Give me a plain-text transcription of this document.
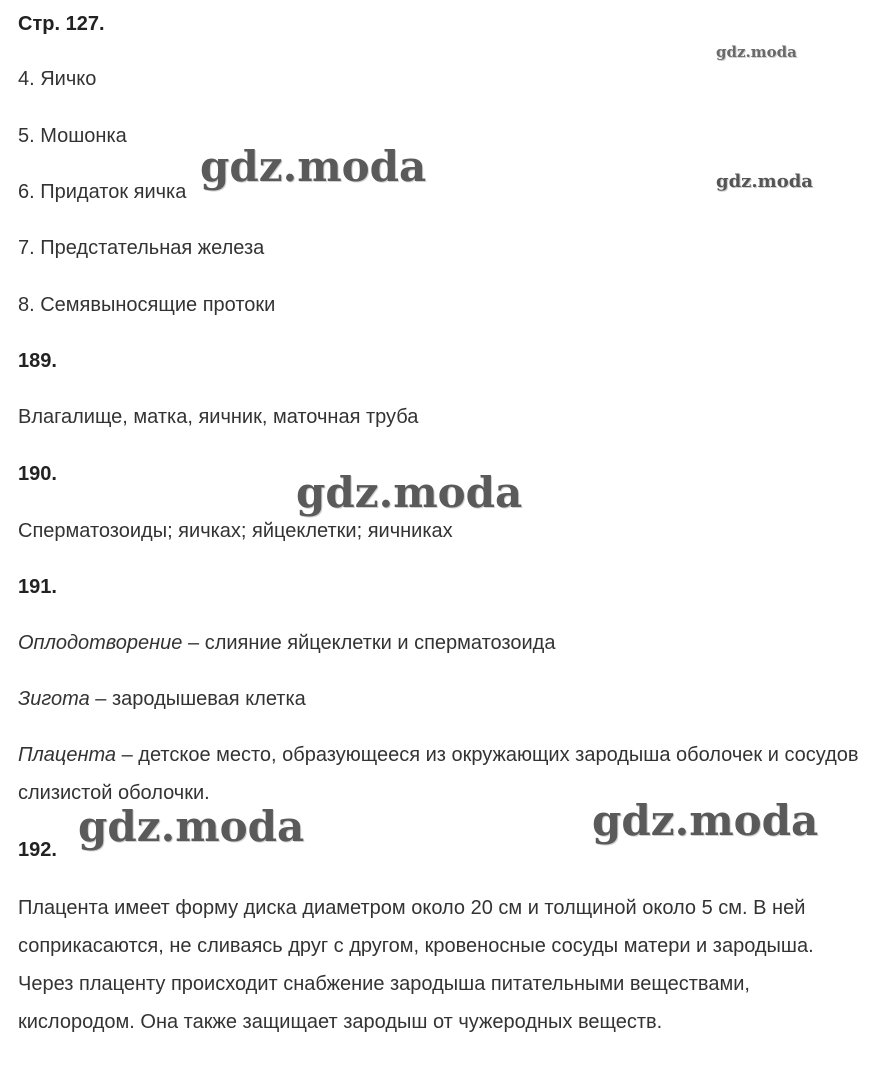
Стр. 127.
4. Яичко
5. Мошонка
6. Придаток яичка
7. Предстательная железа
8. Семявыносящие протоки
189.
Влагалище, матка, яичник, маточная труба
190.
Сперматозоиды; яичках; яйцеклетки; яичниках
191.
Оплодотворение – слияние яйцеклетки и сперматозоида
Зигота – зародышевая клетка
Плацента – детское место, образующееся из окружающих зародыша оболочек и сосудов слизистой оболочки.
192.
Плацента имеет форму диска диаметром около 20 см и толщиной около 5 см. В ней соприкасаются, не сливаясь друг с другом, кровеносные сосуды матери и зародыша. Через плаценту происходит снабжение зародыша питательными веществами, кислородом. Она также защищает зародыш от чужеродных веществ.
gdz.moda
gdz.moda	gdz.moda
gdz.moda
gdz.moda	gdz.moda
